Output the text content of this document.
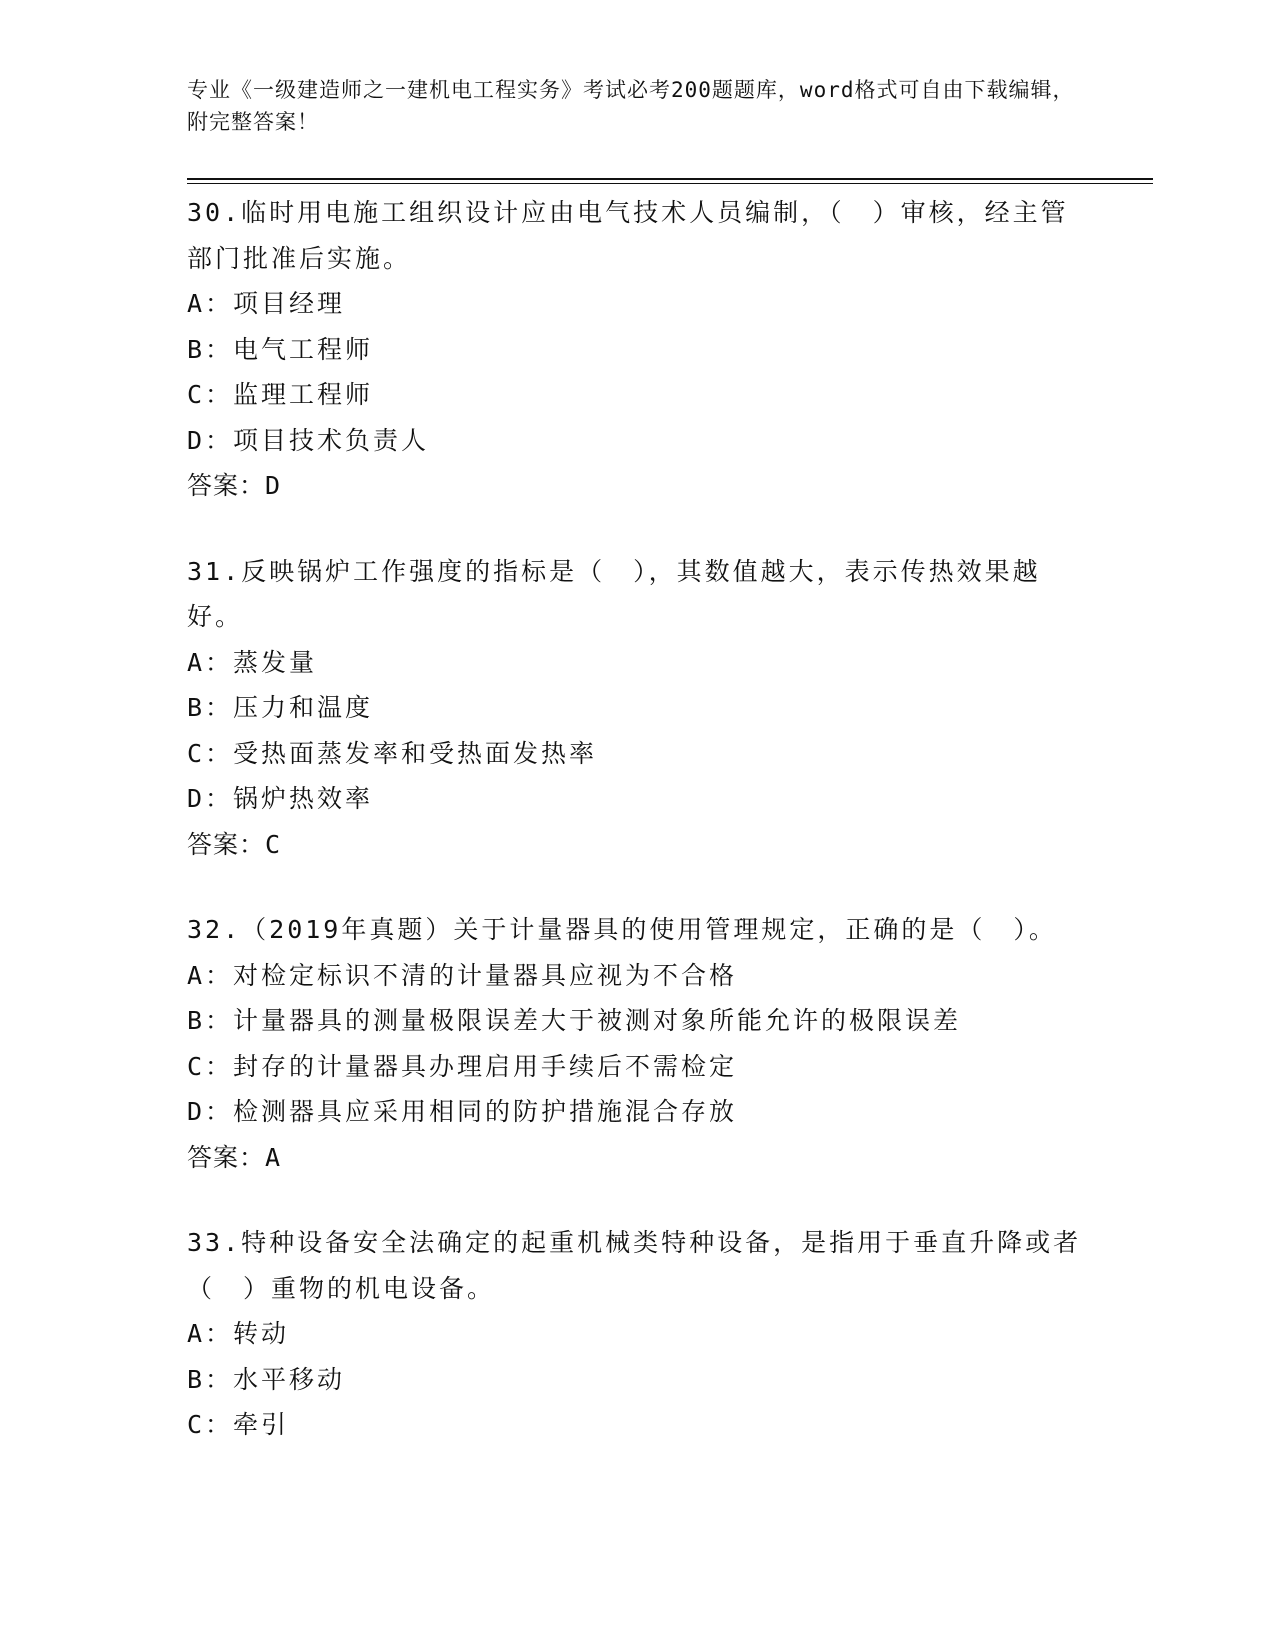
专业《一级建造师之一建机电工程实务》考试必考200题题库，word格式可自由下载编辑，附完整答案！
30.临时用电施工组织设计应由电气技术人员编制，（　）审核，经主管部门批准后实施。
A：项目经理
B：电气工程师
C：监理工程师
D：项目技术负责人
答案：D
31.反映锅炉工作强度的指标是（　），其数值越大，表示传热效果越好。
A：蒸发量
B：压力和温度
C：受热面蒸发率和受热面发热率
D：锅炉热效率
答案：C
32.（2019年真题）关于计量器具的使用管理规定，正确的是（　）。
A：对检定标识不清的计量器具应视为不合格
B：计量器具的测量极限误差大于被测对象所能允许的极限误差
C：封存的计量器具办理启用手续后不需检定
D：检测器具应采用相同的防护措施混合存放
答案：A
33.特种设备安全法确定的起重机械类特种设备，是指用于垂直升降或者（　）重物的机电设备。
A：转动
B：水平移动
C：牵引
